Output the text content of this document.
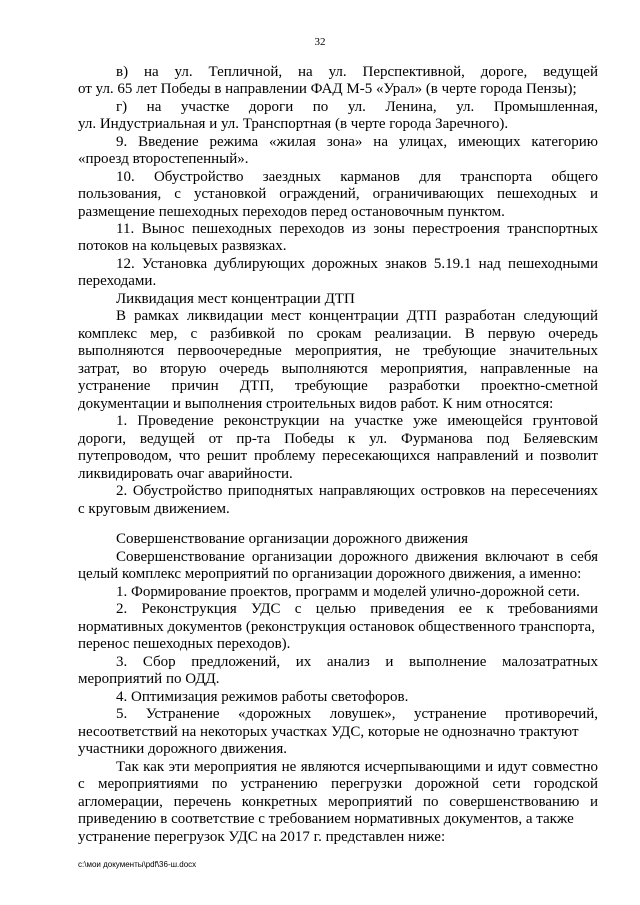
32

в) на ул. Тепличной, на ул. Перспективной, дороге, ведущей

от ул. 65 лет Победы в направлении ФАД М-5 «Урал» (в черте города Пензы);

г) на участке дороги по ул. Ленина, ул. Промышленная,

ул. Индустриальная и ул. Транспортная (в черте города Заречного).

9. Введение режима «жилая зона» на улицах, имеющих категорию

«проезд второстепенный».

10. Обустройство заездных карманов для транспорта общего

пользования, с установкой ограждений, ограничивающих пешеходных и

размещение пешеходных переходов перед остановочным пунктом.

11. Вынос пешеходных переходов из зоны перестроения транспортных

потоков на кольцевых развязках.

12. Установка дублирующих дорожных знаков 5.19.1 над пешеходными

переходами.

Ликвидация мест концентрации ДТП

В рамках ликвидации мест концентрации ДТП разработан следующий

комплекс мер, с разбивкой по срокам реализации. В первую очередь

выполняются первоочередные мероприятия, не требующие значительных

затрат, во вторую очередь выполняются мероприятия, направленные на

устранение причин ДТП, требующие разработки проектно-сметной

документации и выполнения строительных видов работ. К ним относятся:

1. Проведение реконструкции на участке уже имеющейся грунтовой

дороги, ведущей от пр-та Победы к ул. Фурманова под Беляевским

путепроводом, что решит проблему пересекающихся направлений и позволит

ликвидировать очаг аварийности.

2. Обустройство приподнятых направляющих островков на пересечениях

с круговым движением.

Совершенствование организации дорожного движения

Совершенствование организации дорожного движения включают в себя

целый комплекс мероприятий по организации дорожного движения, а именно:

1. Формирование проектов, программ и моделей улично-дорожной сети.

2. Реконструкция УДС с целью приведения ее к требованиями

нормативных документов (реконструкция остановок общественного транспорта,

перенос пешеходных переходов).

3. Сбор предложений, их анализ и выполнение малозатратных

мероприятий по ОДД.

4. Оптимизация режимов работы светофоров.

5. Устранение «дорожных ловушек», устранение противоречий,

несоответствий на некоторых участках УДС, которые не однозначно трактуют

участники дорожного движения.

Так как эти мероприятия не являются исчерпывающими и идут совместно

с мероприятиями по устранению перегрузки дорожной сети городской

агломерации, перечень конкретных мероприятий по совершенствованию и

приведению в соответствие с требованием нормативных документов, а также

устранение перегрузок УДС на 2017 г. представлен ниже:

c:\мои документы\pdf\36-ш.docx
